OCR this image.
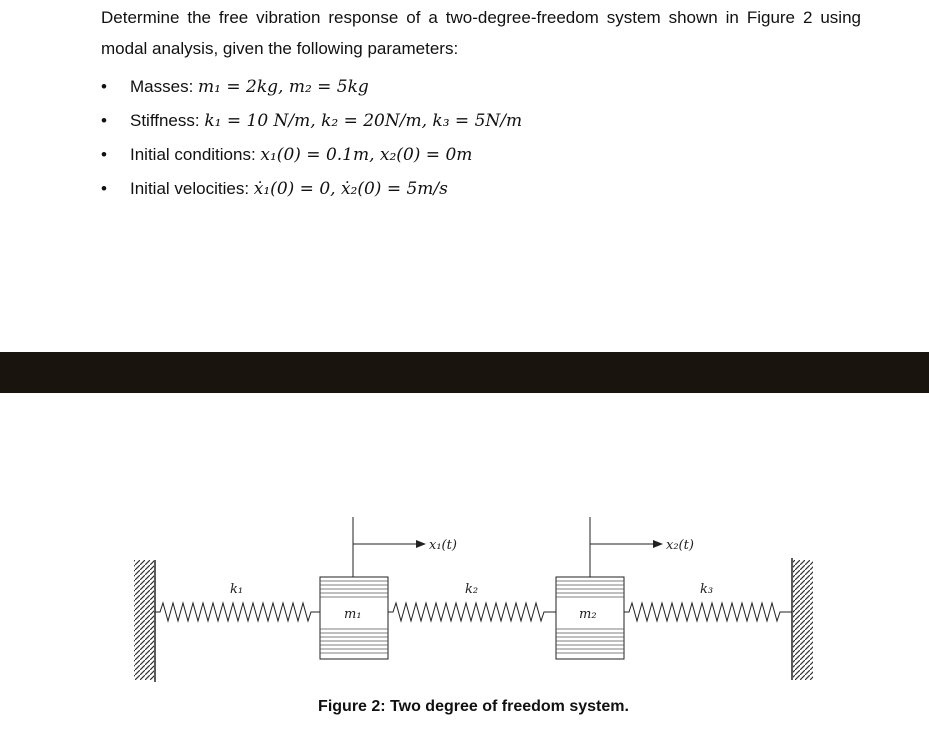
Determine the free vibration response of a two-degree-freedom system shown in Figure 2 using modal analysis, given the following parameters:

• Masses: m₁ = 2kg, m₂ = 5kg
• Stiffness: k₁ = 10 N/m, k₂ = 20N/m, k₃ = 5N/m
• Initial conditions: x₁(0) = 0.1m, x₂(0) = 0m
• Initial velocities: ẋ₁(0) = 0, ẋ₂(0) = 5m/s
k₁	k₂	k₃
m₁	m₂
x₁(t)	x₂(t)
Figure 2: Two degree of freedom system.
